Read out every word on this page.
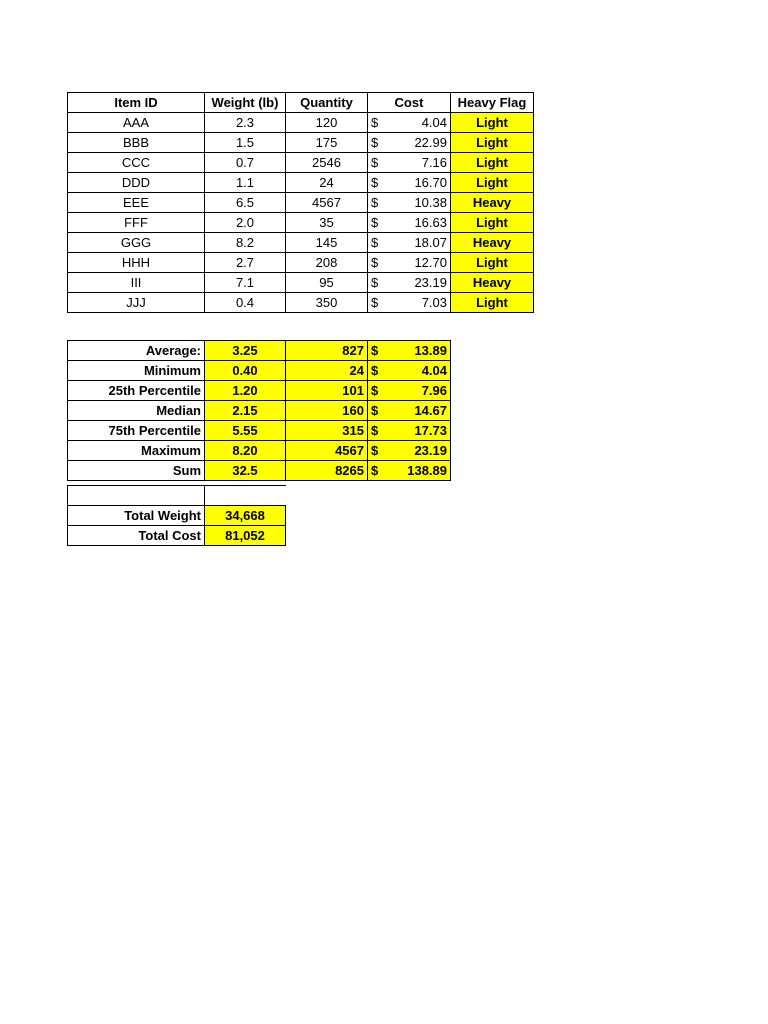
Item ID	Weight (lb)	Quantity	Cost	Heavy Flag
AAA	2.3	120	$ 4.04	Light
BBB	1.5	175	$ 22.99	Light
CCC	0.7	2546	$ 7.16	Light
DDD	1.1	24	$ 16.70	Light
EEE	6.5	4567	$ 10.38	Heavy
FFF	2.0	35	$ 16.63	Light
GGG	8.2	145	$ 18.07	Heavy
HHH	2.7	208	$ 12.70	Light
III	7.1	95	$ 23.19	Heavy
JJJ	0.4	350	$ 7.03	Light
Average:	3.25	827	$ 13.89

Minimum	0.40	24	$ 4.04

25th Percentile	1.20	101	$ 7.96

Median	2.15	160	$ 14.67

75th Percentile	5.55	315	$ 17.73

Maximum	8.20	4567	$ 23.19

Sum	32.5	8265	$ 138.89

Total Weight	34,668
Total Cost	81,052
